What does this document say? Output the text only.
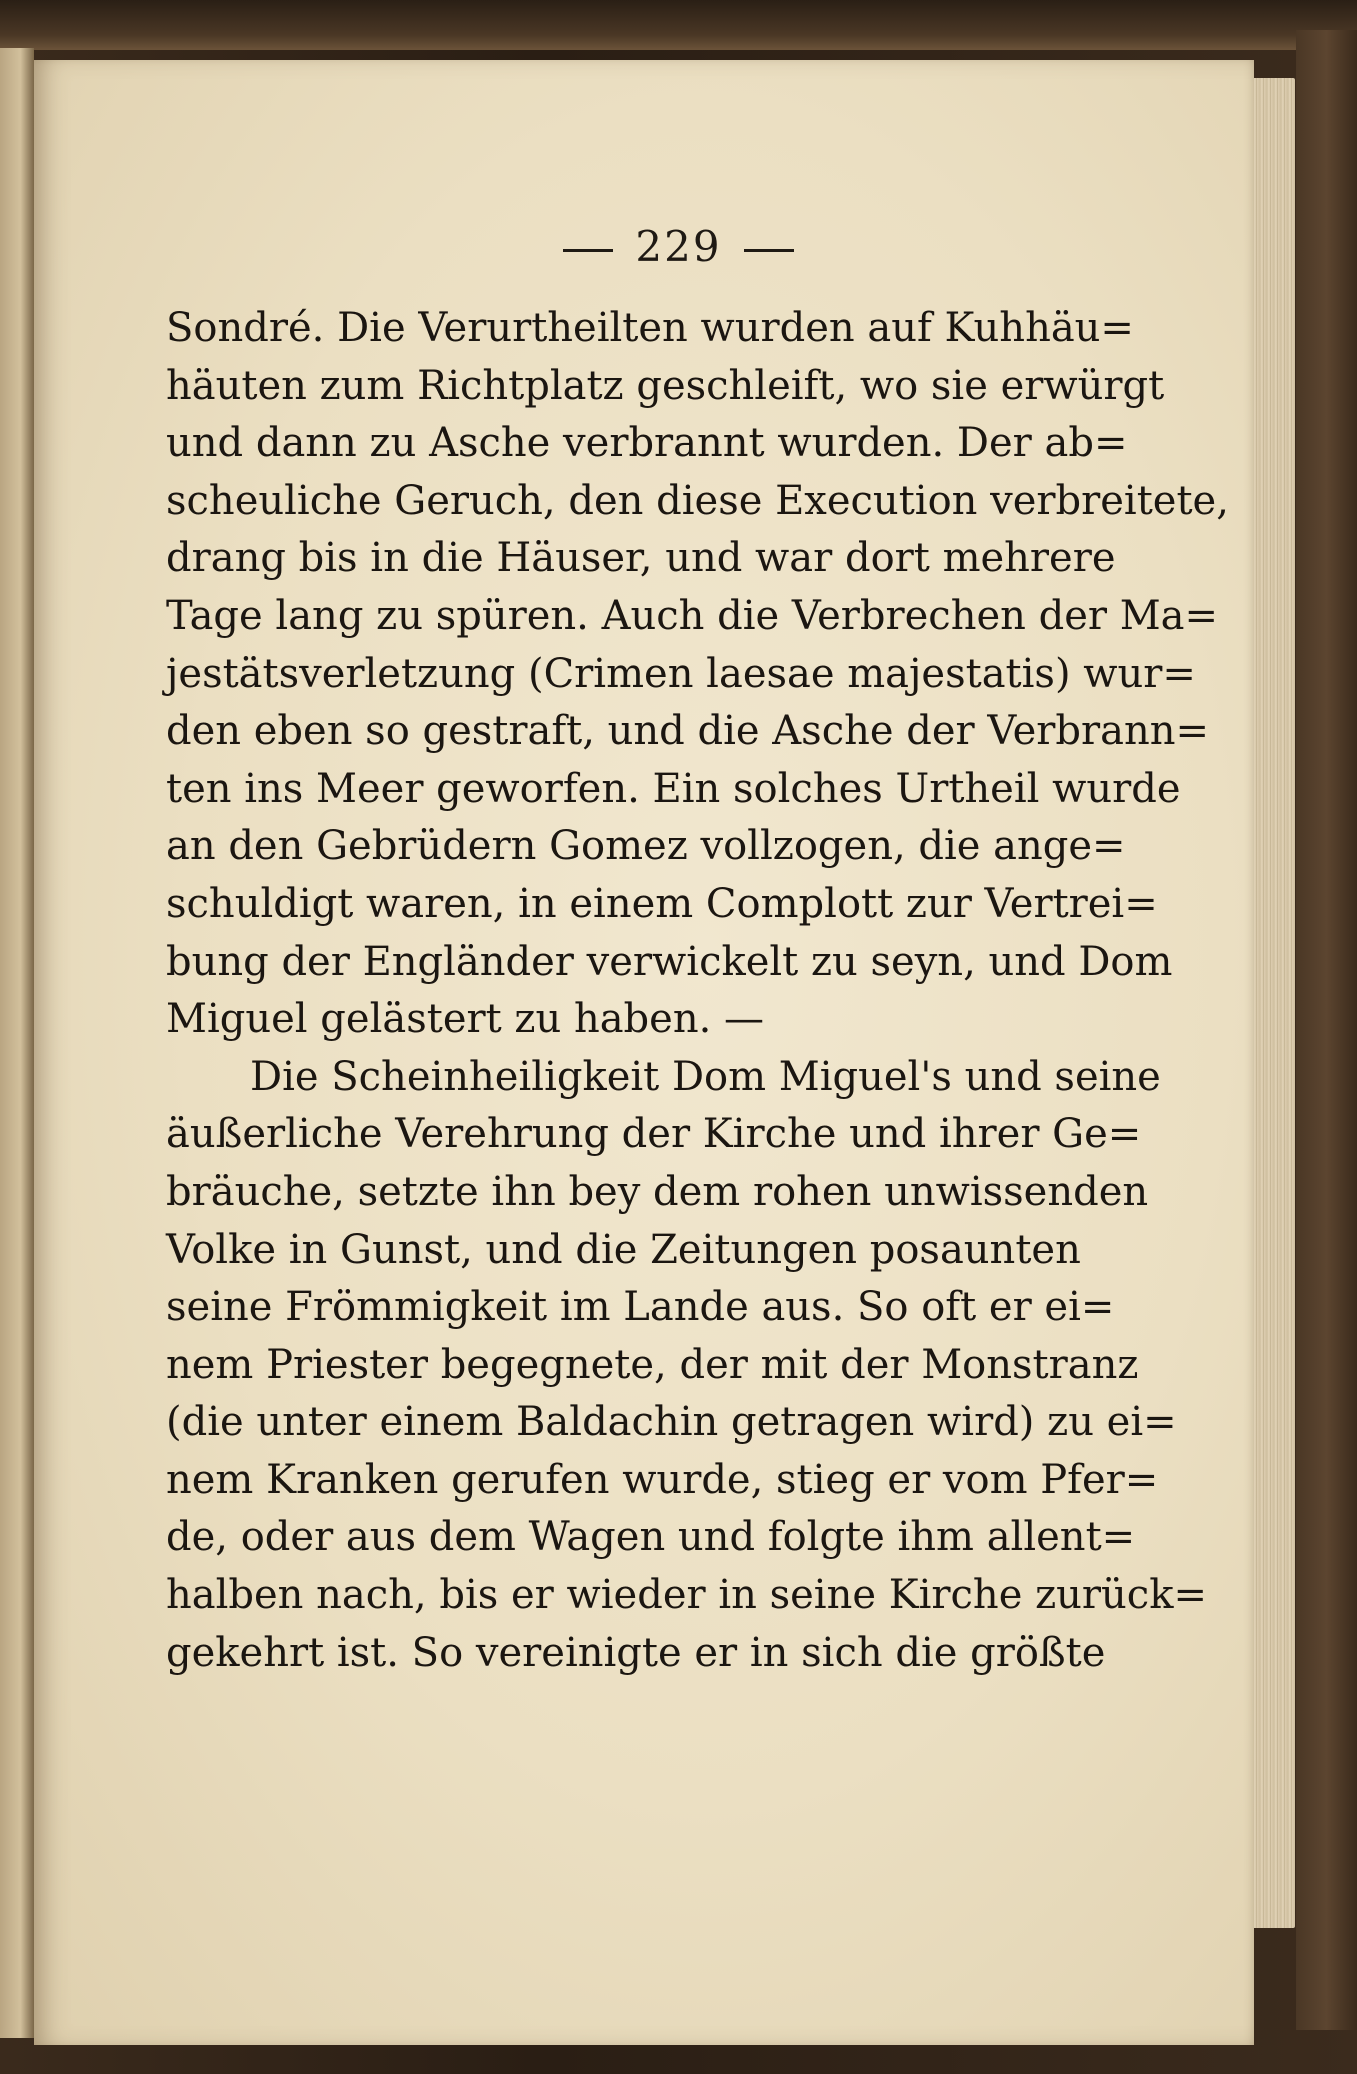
229
Sondré. Die Verurtheilten wurden auf Kuhhäu=
häuten zum Richtplatz geschleift, wo sie erwürgt
und dann zu Asche verbrannt wurden. Der ab=
scheuliche Geruch, den diese Execution verbreitete,
drang bis in die Häuser, und war dort mehrere
Tage lang zu spüren. Auch die Verbrechen der Ma=
jestätsverletzung (Crimen laesae majestatis) wur=
den eben so gestraft, und die Asche der Verbrann=
ten ins Meer geworfen. Ein solches Urtheil wurde
an den Gebrüdern Gomez vollzogen, die ange=
schuldigt waren, in einem Complott zur Vertrei=
bung der Engländer verwickelt zu seyn, und Dom
Miguel gelästert zu haben. —
Die Scheinheiligkeit Dom Miguel's und seine
äußerliche Verehrung der Kirche und ihrer Ge=
bräuche, setzte ihn bey dem rohen unwissenden
Volke in Gunst, und die Zeitungen posaunten
seine Frömmigkeit im Lande aus. So oft er ei=
nem Priester begegnete, der mit der Monstranz
(die unter einem Baldachin getragen wird) zu ei=
nem Kranken gerufen wurde, stieg er vom Pfer=
de, oder aus dem Wagen und folgte ihm allent=
halben nach, bis er wieder in seine Kirche zurück=
gekehrt ist. So vereinigte er in sich die größte
